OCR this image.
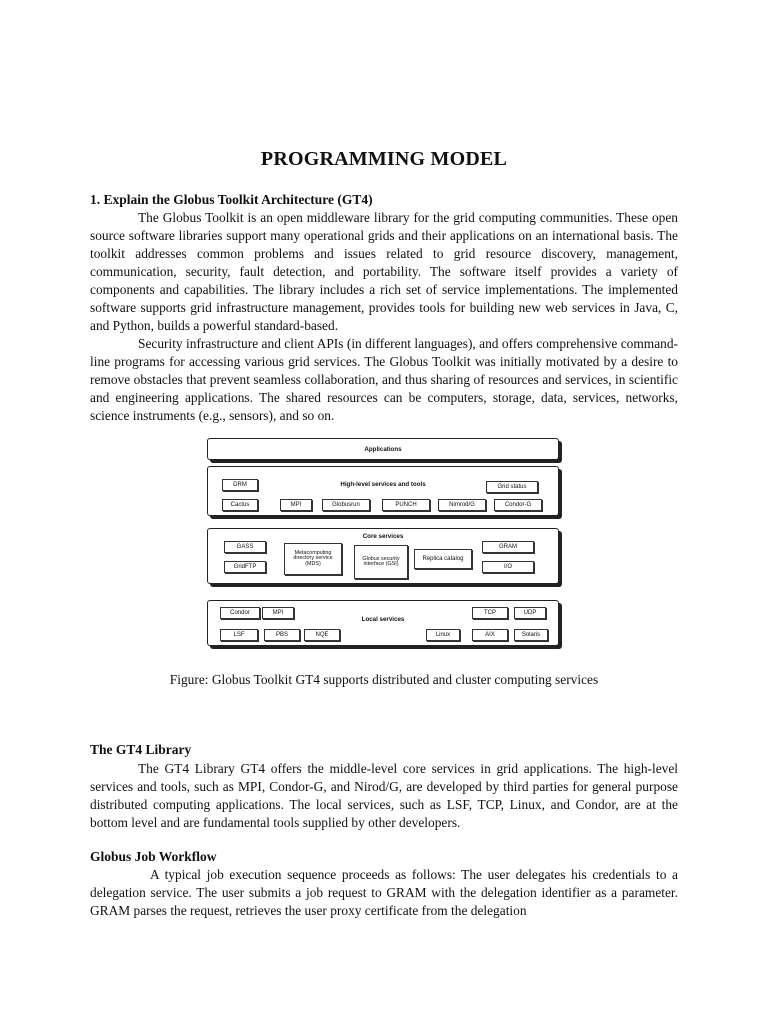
PROGRAMMING MODEL
1. Explain the Globus Toolkit Architecture (GT4)

The Globus Toolkit is an open middleware library for the grid computing communities. These open source software libraries support many operational grids and their applications on an international basis. The toolkit addresses common problems and issues related to grid resource discovery, management, communication, security, fault detection, and portability. The software itself provides a variety of components and capabilities. The library includes a rich set of service implementations. The implemented software supports grid infrastructure management, provides tools for building new web services in Java, C, and Python, builds a powerful standard-based.

Security infrastructure and client APIs (in different languages), and offers comprehensive command-line programs for accessing various grid services. The Globus Toolkit was initially motivated by a desire to remove obstacles that prevent seamless collaboration, and thus sharing of resources and services, in scientific and engineering applications. The shared resources can be computers, storage, data, services, networks, science instruments (e.g., sensors), and so on.

Applications
High-level services and tools
DRM	Grid status
Cactus	MPI	Globusrun	PUNCH	Nimrod/G	Condor-G
Core services
GASS
GridFTP
Metacomputing directory service (MDS)
Globus security interface (GSI)
Replica catalog
GRAM
I/O
Local services
Condor	MPI	TCP	UDP
LSF	PBS	NQE	Linux	AIX	Solaris
Figure: Globus Toolkit GT4 supports distributed and cluster computing services
The GT4 Library

The GT4 Library GT4 offers the middle-level core services in grid applications. The high-level services and tools, such as MPI, Condor-G, and Nirod/G, are developed by third parties for general purpose distributed computing applications. The local services, such as LSF, TCP, Linux, and Condor, are at the bottom level and are fundamental tools supplied by other developers.

Globus Job Workflow

A typical job execution sequence proceeds as follows: The user delegates his credentials to a delegation service. The user submits a job request to GRAM with the delegation identifier as a parameter. GRAM parses the request, retrieves the user proxy certificate from the delegation
